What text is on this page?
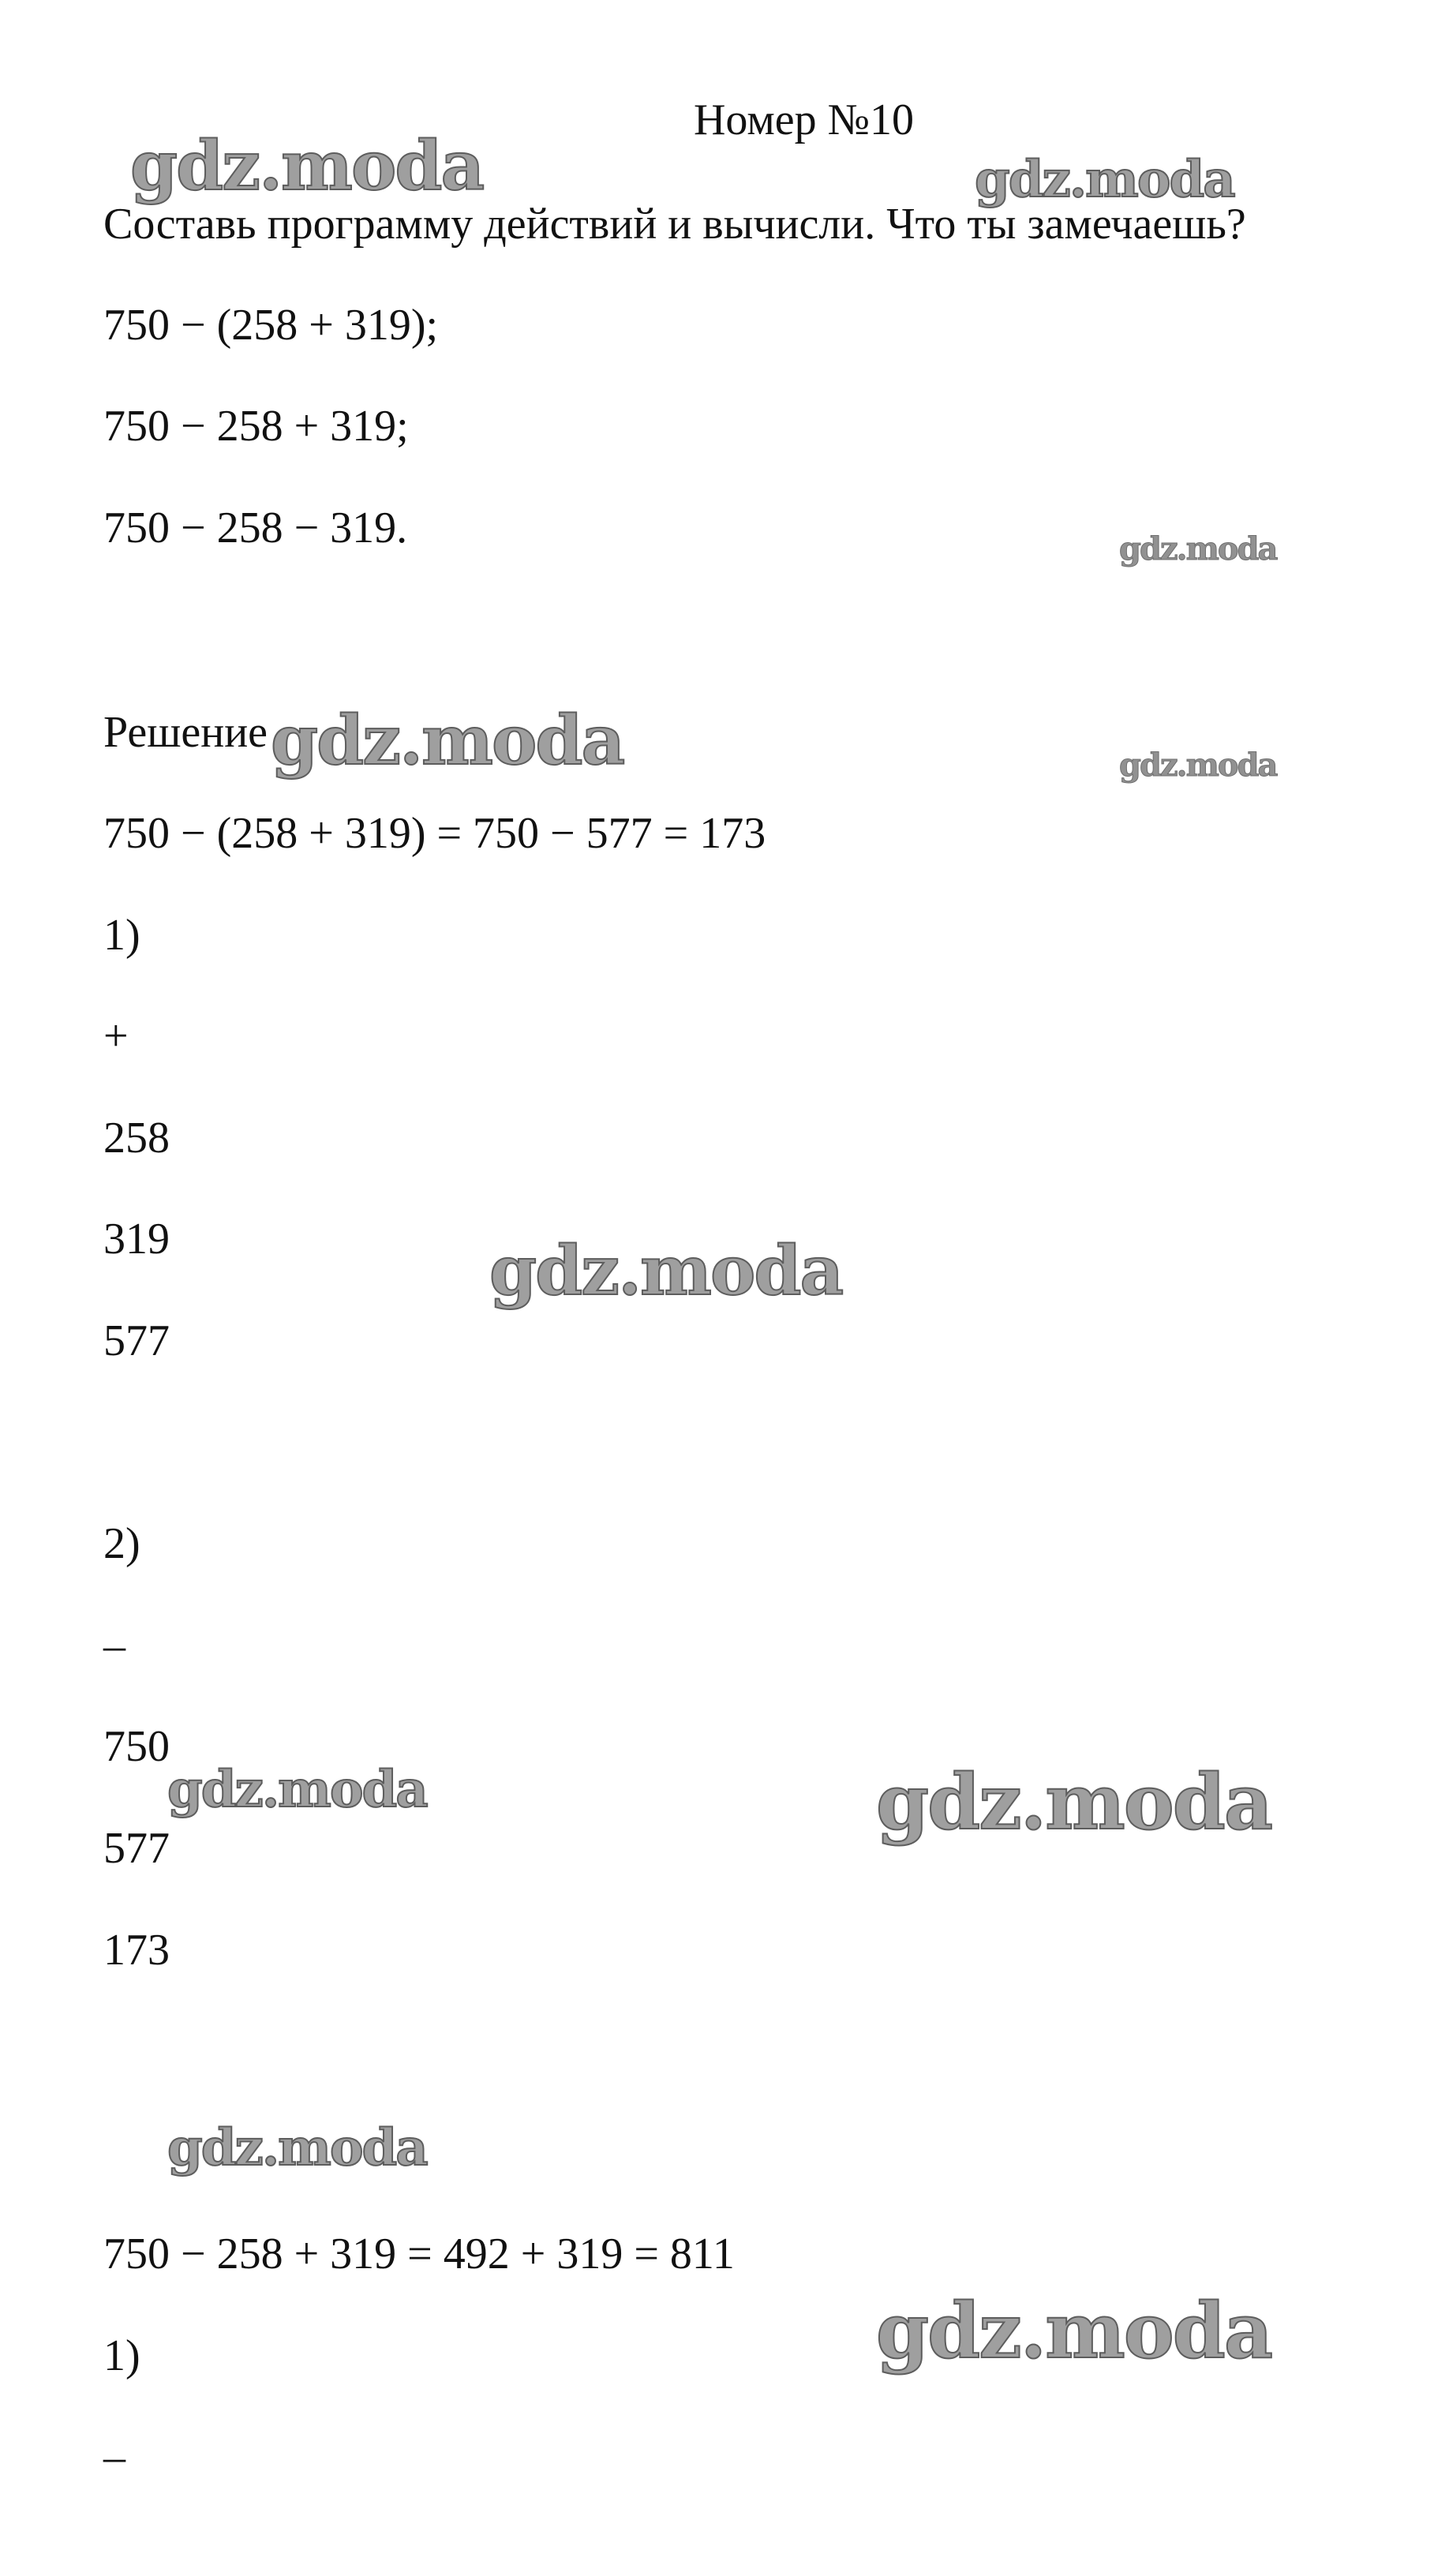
Номер №10
Составь программу действий и вычисли. Что ты замечаешь?
750 − (258 + 319);
750 − 258 + 319;
750 − 258 − 319.
Решение
750 − (258 + 319) = 750 − 577 = 173
1)
+
258
319
577
2)
–
750
577
173
750 − 258 + 319 = 492 + 319 = 811
1)
–
gdz.moda	gdz.moda
gdz.moda
gdz.moda	gdz.moda
gdz.moda
gdz.moda	gdz.moda
gdz.moda
gdz.moda
